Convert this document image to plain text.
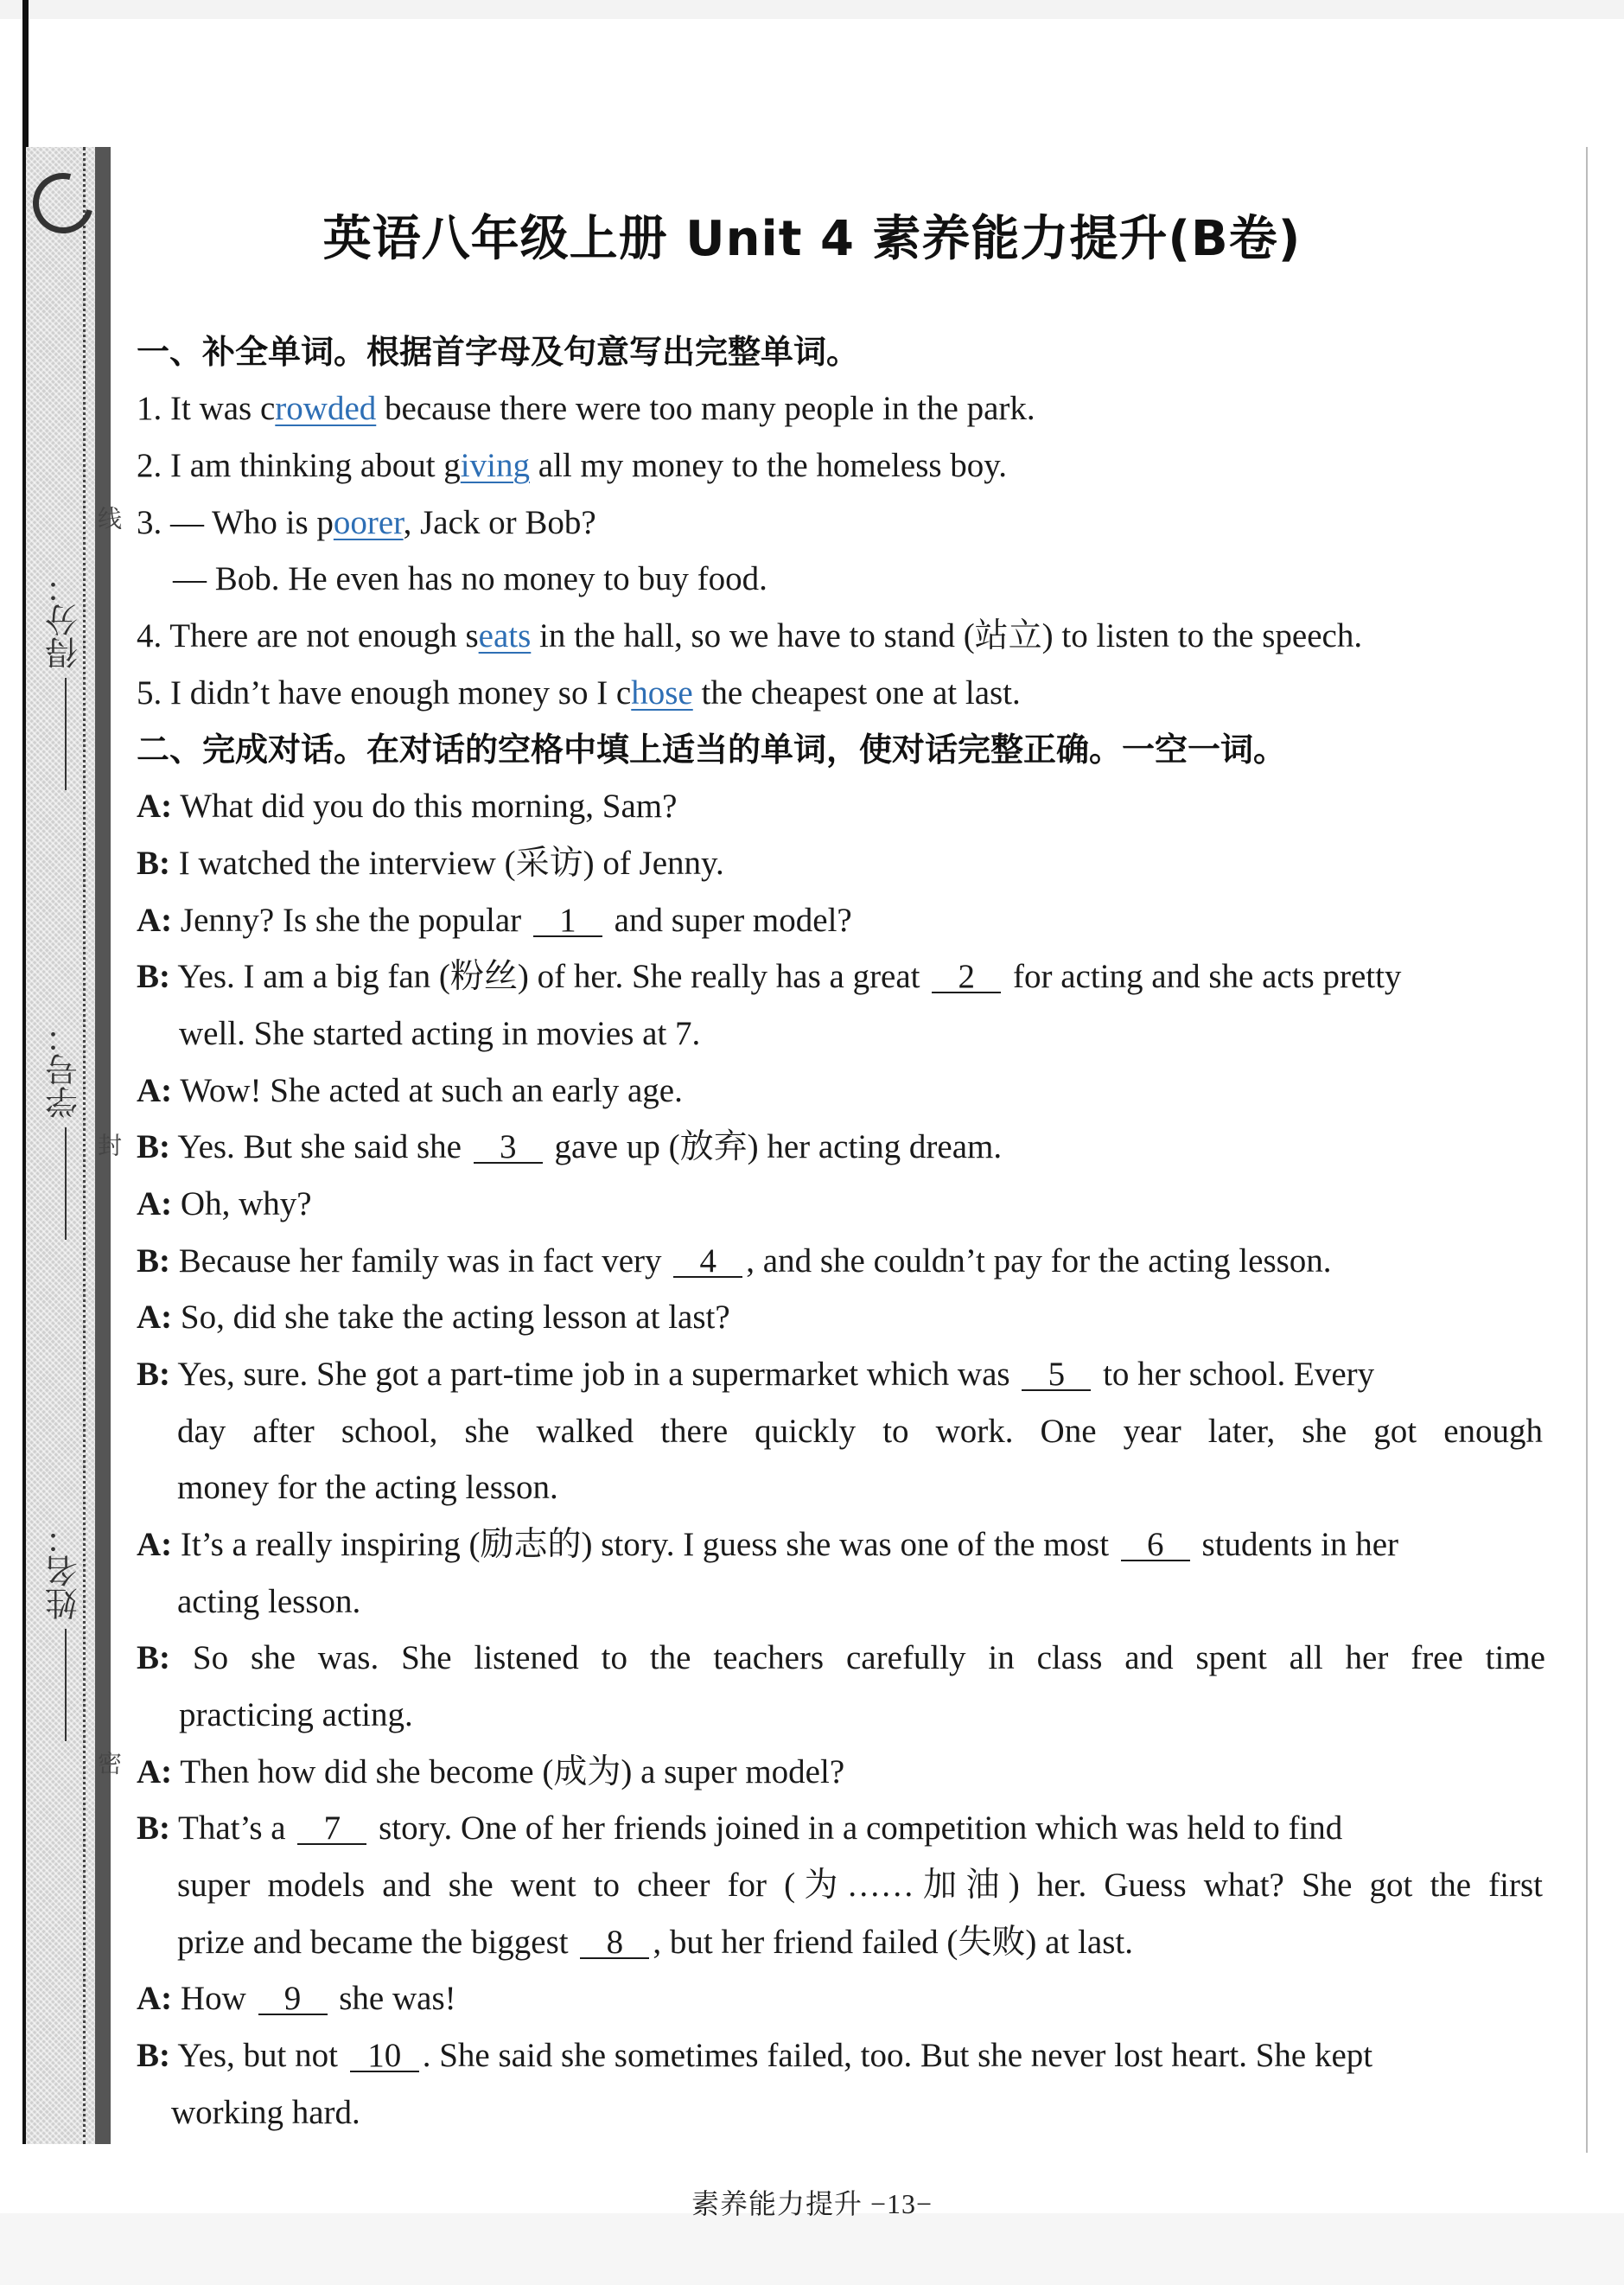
得分：
学号：
姓名：
线
封
密
英语八年级上册 Unit 4 素养能力提升(B卷)
一、补全单词。根据首字母及句意写出完整单词。
1. It was crowded because there were too many people in the park.
2. I am thinking about giving all my money to the homeless boy.
3. — Who is poorer, Jack or Bob?
— Bob. He even has no money to buy food.
4. There are not enough seats in the hall, so we have to stand (站立) to listen to the speech.
5. I didn’t have enough money so I chose the cheapest one at last.
二、完成对话。在对话的空格中填上适当的单词，使对话完整正确。一空一词。
A: What did you do this morning, Sam?
B: I watched the interview (采访) of Jenny.
A: Jenny? Is she the popular 1 and super model?
B: Yes. I am a big fan (粉丝) of her. She really has a great 2 for acting and she acts pretty
well. She started acting in movies at 7.
A: Wow! She acted at such an early age.
B: Yes. But she said she 3 gave up (放弃) her acting dream.
A: Oh, why?
B: Because her family was in fact very 4 , and she couldn’t pay for the acting lesson.
A: So, did she take the acting lesson at last?
B: Yes, sure. She got a part-time job in a supermarket which was 5 to her school. Every
day after school, she walked there quickly to work. One year later, she got enough
money for the acting lesson.
A: It’s a really inspiring (励志的) story. I guess she was one of the most 6 students in her
acting lesson.
B: So she was. She listened to the teachers carefully in class and spent all her free time
practicing acting.
A: Then how did she become (成为) a super model?
B: That’s a 7 story. One of her friends joined in a competition which was held to find
super models and she went to cheer for (为……加油) her. Guess what? She got the first
prize and became the biggest 8 , but her friend failed (失败) at last.
A: How 9 she was!
B: Yes, but not 10 . She said she sometimes failed, too. But she never lost heart. She kept
working hard.
素养能力提升 −13−
